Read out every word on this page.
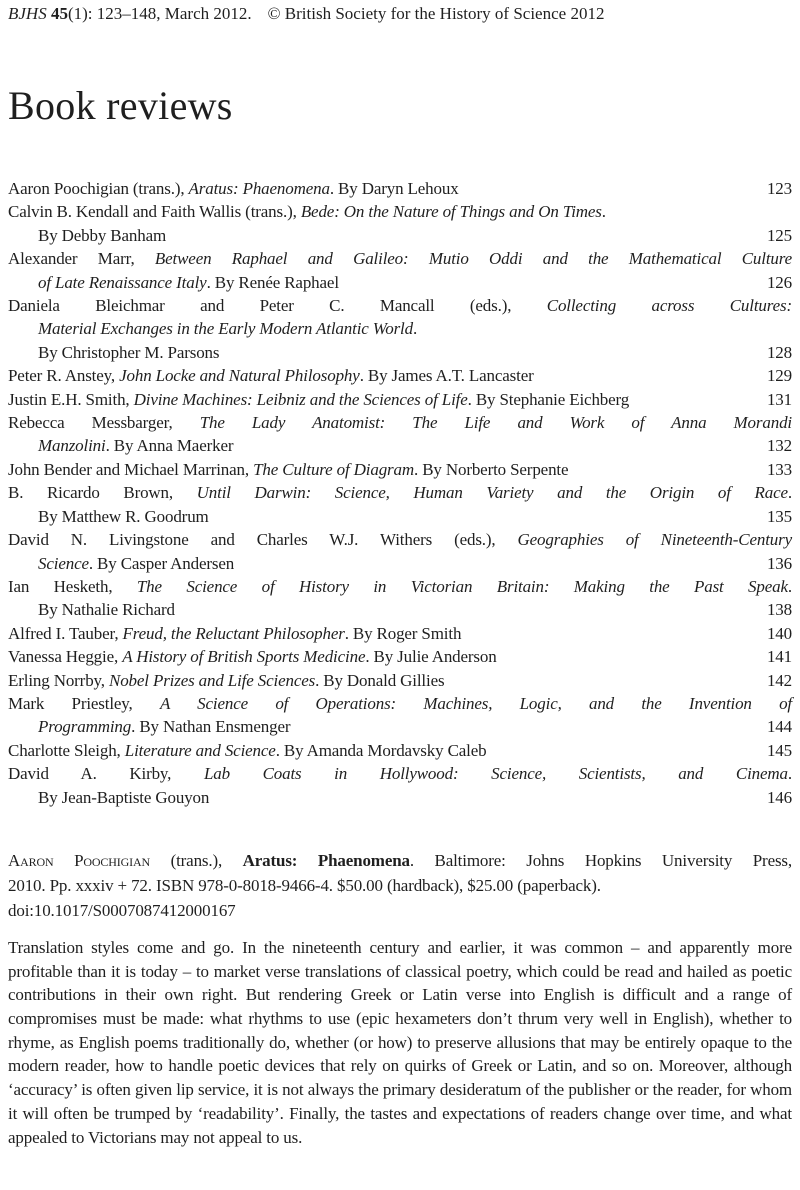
BJHS 45(1): 123–148, March 2012. © British Society for the History of Science 2012
Book reviews
Aaron Poochigian (trans.), Aratus: Phaenomena. By Daryn Lehoux	123
Calvin B. Kendall and Faith Wallis (trans.), Bede: On the Nature of Things and On Times.
By Debby Banham	125
Alexander Marr, Between Raphael and Galileo: Mutio Oddi and the Mathematical Culture
of Late Renaissance Italy. By Renée Raphael	126
Daniela Bleichmar and Peter C. Mancall (eds.), Collecting across Cultures:
Material Exchanges in the Early Modern Atlantic World.
By Christopher M. Parsons	128
Peter R. Anstey, John Locke and Natural Philosophy. By James A.T. Lancaster	129
Justin E.H. Smith, Divine Machines: Leibniz and the Sciences of Life. By Stephanie Eichberg	131
Rebecca Messbarger, The Lady Anatomist: The Life and Work of Anna Morandi
Manzolini. By Anna Maerker	132
John Bender and Michael Marrinan, The Culture of Diagram. By Norberto Serpente	133
B. Ricardo Brown, Until Darwin: Science, Human Variety and the Origin of Race.
By Matthew R. Goodrum	135
David N. Livingstone and Charles W.J. Withers (eds.), Geographies of Nineteenth-Century
Science. By Casper Andersen	136
Ian Hesketh, The Science of History in Victorian Britain: Making the Past Speak.
By Nathalie Richard	138
Alfred I. Tauber, Freud, the Reluctant Philosopher. By Roger Smith	140
Vanessa Heggie, A History of British Sports Medicine. By Julie Anderson	141
Erling Norrby, Nobel Prizes and Life Sciences. By Donald Gillies	142
Mark Priestley, A Science of Operations: Machines, Logic, and the Invention of
Programming. By Nathan Ensmenger	144
Charlotte Sleigh, Literature and Science. By Amanda Mordavsky Caleb	145
David A. Kirby, Lab Coats in Hollywood: Science, Scientists, and Cinema.
By Jean-Baptiste Gouyon	146
Aaron Poochigian (trans.), Aratus: Phaenomena. Baltimore: Johns Hopkins University Press,
2010. Pp. xxxiv + 72. ISBN 978-0-8018-9466-4. $50.00 (hardback), $25.00 (paperback).
doi:10.1017/S0007087412000167
Translation styles come and go. In the nineteenth century and earlier, it was common – and apparently more profitable than it is today – to market verse translations of classical poetry, which could be read and hailed as poetic contributions in their own right. But rendering Greek or Latin verse into English is difficult and a range of compromises must be made: what rhythms to use (epic hexameters don’t thrum very well in English), whether to rhyme, as English poems traditionally do, whether (or how) to preserve allusions that may be entirely opaque to the modern reader, how to handle poetic devices that rely on quirks of Greek or Latin, and so on. Moreover, although ‘accuracy’ is often given lip service, it is not always the primary desideratum of the publisher or the reader, for whom it will often be trumped by ‘readability’. Finally, the tastes and expectations of readers change over time, and what appealed to Victorians may not appeal to us.
